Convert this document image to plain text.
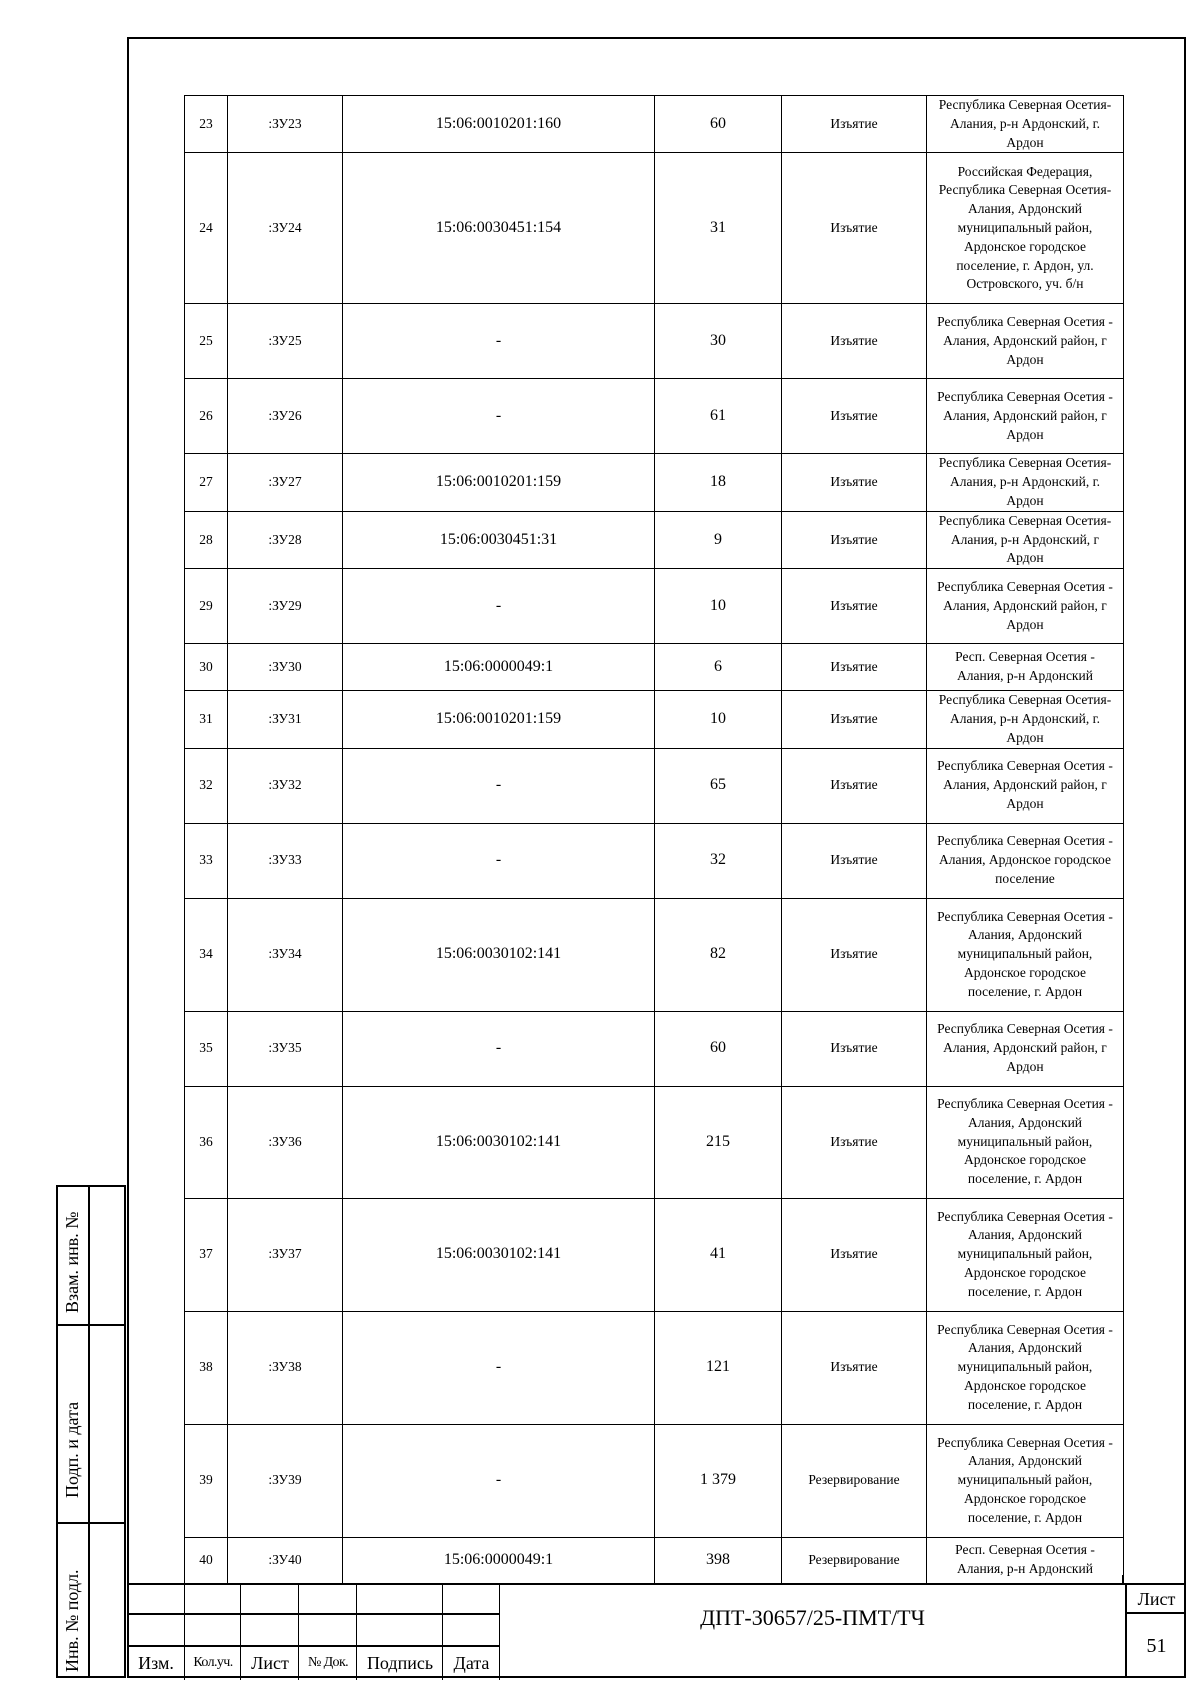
23	:ЗУ23	15:06:0010201:160	60	Изъятие	Республика Северная Осетия-Алания, р-н Ардонский, г. Ардон
24	:ЗУ24	15:06:0030451:154	31	Изъятие	Российская Федерация, Республика Северная Осетия-Алания, Ардонский муниципальный район, Ардонское городское поселение, г. Ардон, ул. Островского, уч. б/н
25	:ЗУ25	-	30	Изъятие	Республика Северная Осетия - Алания, Ардонский район, г Ардон
26	:ЗУ26	-	61	Изъятие	Республика Северная Осетия - Алания, Ардонский район, г Ардон
27	:ЗУ27	15:06:0010201:159	18	Изъятие	Республика Северная Осетия-Алания, р-н Ардонский, г. Ардон
28	:ЗУ28	15:06:0030451:31	9	Изъятие	Республика Северная Осетия-Алания, р-н Ардонский, г Ардон
29	:ЗУ29	-	10	Изъятие	Республика Северная Осетия - Алания, Ардонский район, г Ардон
30	:ЗУ30	15:06:0000049:1	6	Изъятие	Респ. Северная Осетия - Алания, р-н Ардонский
31	:ЗУ31	15:06:0010201:159	10	Изъятие	Республика Северная Осетия-Алания, р-н Ардонский, г. Ардон
32	:ЗУ32	-	65	Изъятие	Республика Северная Осетия - Алания, Ардонский район, г Ардон
33	:ЗУ33	-	32	Изъятие	Республика Северная Осетия - Алания, Ардонское городское поселение
34	:ЗУ34	15:06:0030102:141	82	Изъятие	Республика Северная Осетия - Алания, Ардонский муниципальный район, Ардонское городское поселение, г. Ардон
35	:ЗУ35	-	60	Изъятие	Республика Северная Осетия - Алания, Ардонский район, г Ардон
36	:ЗУ36	15:06:0030102:141	215	Изъятие	Республика Северная Осетия - Алания, Ардонский муниципальный район, Ардонское городское поселение, г. Ардон
37	:ЗУ37	15:06:0030102:141	41	Изъятие	Республика Северная Осетия - Алания, Ардонский муниципальный район, Ардонское городское поселение, г. Ардон
38	:ЗУ38	-	121	Изъятие	Республика Северная Осетия - Алания, Ардонский муниципальный район, Ардонское городское поселение, г. Ардон
39	:ЗУ39	-	1 379	Резервирование	Республика Северная Осетия - Алания, Ардонский муниципальный район, Ардонское городское поселение, г. Ардон
40	:ЗУ40	15:06:0000049:1	398	Резервирование	Респ. Северная Осетия - Алания, р-н Ардонский
Взам. инв. №
Подп. и дата
Инв. № подл.	Изм.	Кол.уч.	Лист	№ Док.	Подпись	Дата
ДПТ-30657/25-ПМТ/ТЧ
Лист
51
